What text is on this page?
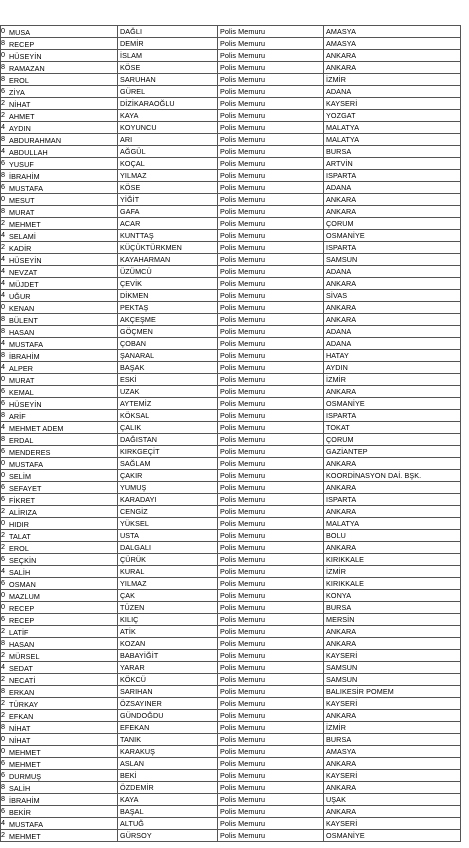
0 MUSA	DAĞLI	Polis Memuru	AMASYA
8 RECEP	DEMİR	Polis Memuru	AMASYA
0 HÜSEYİN	İSLAM	Polis Memuru	ANKARA
8 RAMAZAN	KÖSE	Polis Memuru	ANKARA
8 EROL	SARUHAN	Polis Memuru	İZMİR
6 ZİYA	GÜREL	Polis Memuru	ADANA
2 NİHAT	DİZİKARAOĞLU	Polis Memuru	KAYSERİ
2 AHMET	KAYA	Polis Memuru	YOZGAT
4 AYDIN	KOYUNCU	Polis Memuru	MALATYA
8 ABDURAHMAN	ARI	Polis Memuru	MALATYA
4 ABDULLAH	AĞGÜL	Polis Memuru	BURSA
6 YUSUF	KOÇAL	Polis Memuru	ARTVİN
8 İBRAHİM	YILMAZ	Polis Memuru	ISPARTA
6 MUSTAFA	KÖSE	Polis Memuru	ADANA
0 MESUT	YİĞİT	Polis Memuru	ANKARA
8 MURAT	GAFA	Polis Memuru	ANKARA
2 MEHMET	ACAR	Polis Memuru	ÇORUM
4 SELAMİ	KUNTTAŞ	Polis Memuru	OSMANİYE
2 KADİR	KÜÇÜKTÜRKMEN	Polis Memuru	ISPARTA
4 HÜSEYİN	KAYAHARMAN	Polis Memuru	SAMSUN
4 NEVZAT	ÜZÜMCÜ	Polis Memuru	ADANA
4 MÜJDET	ÇEVİK	Polis Memuru	ANKARA
4 UĞUR	DİKMEN	Polis Memuru	SİVAS
0 KENAN	PEKTAŞ	Polis Memuru	ANKARA
8 BÜLENT	AKÇEŞME	Polis Memuru	ANKARA
8 HASAN	GÖÇMEN	Polis Memuru	ADANA
4 MUSTAFA	ÇOBAN	Polis Memuru	ADANA
8 İBRAHİM	ŞANARAL	Polis Memuru	HATAY
4 ALPER	BAŞAK	Polis Memuru	AYDIN
0 MURAT	ESKİ	Polis Memuru	İZMİR
6 KEMAL	UZAK	Polis Memuru	ANKARA
6 HÜSEYİN	AYTEMİZ	Polis Memuru	OSMANİYE
8 ARİF	KÖKSAL	Polis Memuru	ISPARTA
4 MEHMET ADEM	ÇALIK	Polis Memuru	TOKAT
8 ERDAL	DAĞISTAN	Polis Memuru	ÇORUM
6 MENDERES	KIRKGEÇİT	Polis Memuru	GAZİANTEP
0 MUSTAFA	SAĞLAM	Polis Memuru	ANKARA
0 SELİM	ÇAKIR	Polis Memuru	KOORDİNASYON DAİ. BŞK.
6 SEFAYET	YUMUŞ	Polis Memuru	ANKARA
6 FİKRET	KARADAYI	Polis Memuru	ISPARTA
2 ALİRIZA	CENGİZ	Polis Memuru	ANKARA
0 HIDIR	YÜKSEL	Polis Memuru	MALATYA
2 TALAT	USTA	Polis Memuru	BOLU
2 EROL	DALGALI	Polis Memuru	ANKARA
6 SEÇKİN	ÇÜRÜK	Polis Memuru	KIRIKKALE
4 SALİH	KURAL	Polis Memuru	İZMİR
6 OSMAN	YILMAZ	Polis Memuru	KIRIKKALE
0 MAZLUM	ÇAK	Polis Memuru	KONYA
0 RECEP	TÜZEN	Polis Memuru	BURSA
6 RECEP	KILIÇ	Polis Memuru	MERSİN
2 LATİF	ATİK	Polis Memuru	ANKARA
8 HASAN	KOZAN	Polis Memuru	ANKARA
2 MÜRSEL	BABAYİĞİT	Polis Memuru	KAYSERİ
4 SEDAT	YARAR	Polis Memuru	SAMSUN
2 NECATİ	KÖKCÜ	Polis Memuru	SAMSUN
8 ERKAN	SARIHAN	Polis Memuru	BALIKESİR POMEM
2 TÜRKAY	ÖZSAYINER	Polis Memuru	KAYSERİ
2 EFKAN	GÜNDOĞDU	Polis Memuru	ANKARA
8 NİHAT	EFEKAN	Polis Memuru	İZMİR
0 NİHAT	TANIK	Polis Memuru	BURSA
0 MEHMET	KARAKUŞ	Polis Memuru	AMASYA
6 MEHMET	ASLAN	Polis Memuru	ANKARA
6 DURMUŞ	BEKİ	Polis Memuru	KAYSERİ
8 SALİH	ÖZDEMİR	Polis Memuru	ANKARA
8 İBRAHİM	KAYA	Polis Memuru	UŞAK
6 BEKİR	BAŞAL	Polis Memuru	ANKARA
4 MUSTAFA	ALTUĞ	Polis Memuru	KAYSERİ
2 MEHMET	GÜRSOY	Polis Memuru	OSMANİYE
